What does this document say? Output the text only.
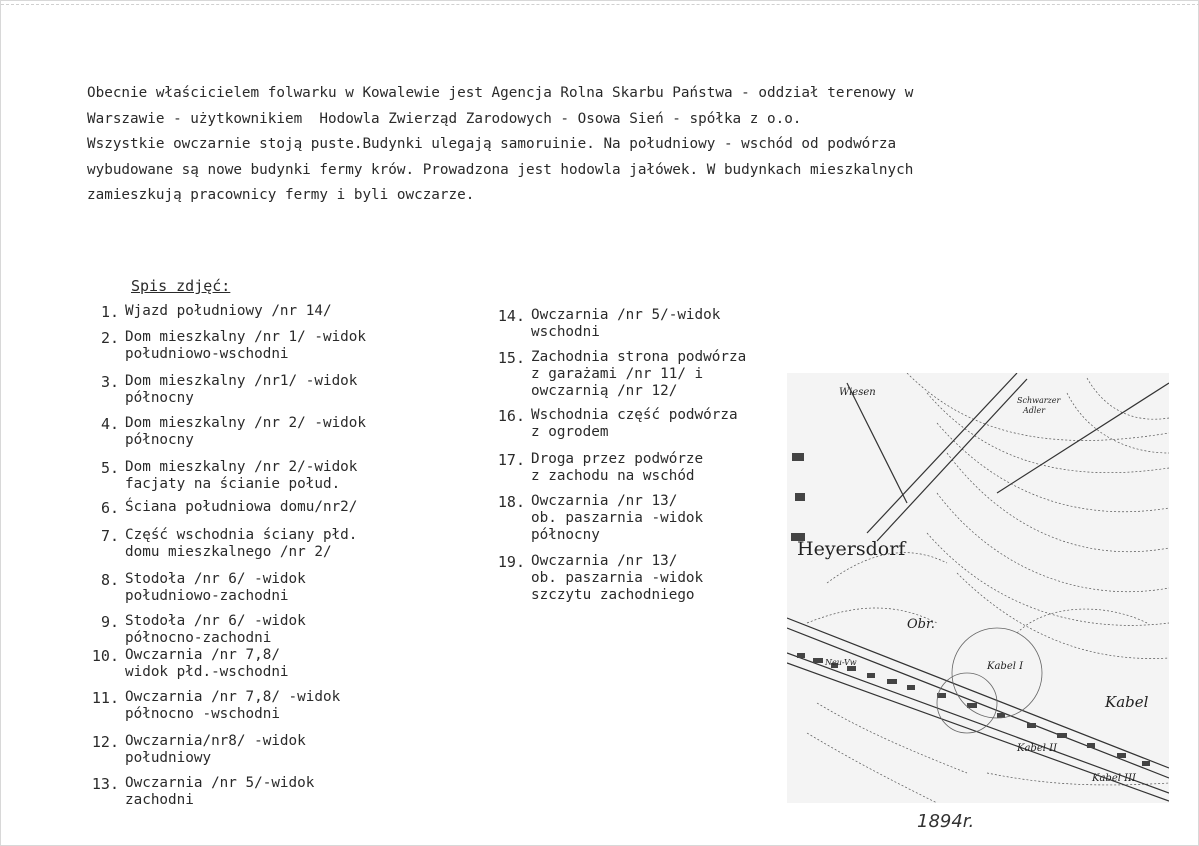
Obecnie właścicielem folwarku w Kowalewie jest Agencja Rolna Skarbu Państwa - oddział terenowy w
Warszawie - użytkownikiem  Hodowla Zwierząd Zarodowych - Osowa Sień - spółka z o.o.
Wszystkie owczarnie stoją puste.Budynki ulegają samoruinie. Na południowy - wschód od podwórza
wybudowane są nowe budynki fermy krów. Prowadzona jest hodowla jałówek. W budynkach mieszkalnych
zamieszkują pracownicy fermy i byli owczarze.
Spis zdjęć:
1. Wjazd południowy /nr 14/
2. Dom mieszkalny /nr 1/ -widok
południowo-wschodni
3. Dom mieszkalny /nr1/ -widok
północny
4. Dom mieszkalny /nr 2/ -widok
północny
5. Dom mieszkalny /nr 2/-widok
facjaty na ścianie połud.
6. Ściana południowa domu/nr2/
7. Część wschodnia ściany płd.
domu mieszkalnego /nr 2/
8. Stodoła /nr 6/ -widok
południowo-zachodni
9. Stodoła /nr 6/ -widok
północno-zachodni
10. Owczarnia /nr 7,8/
widok płd.-wschodni
11. Owczarnia /nr 7,8/ -widok
północno -wschodni
12. Owczarnia/nr8/ -widok
południowy
13. Owczarnia /nr 5/-widok
zachodni
14. Owczarnia /nr 5/-widok
wschodni
15. Zachodnia strona podwórza
z garażami /nr 11/ i
owczarnią /nr 12/
16. Wschodnia część podwórza
z ogrodem
17. Droga przez podwórze
z zachodu na wschód
18. Owczarnia /nr 13/
ob. paszarnia -widok
północny
19. Owczarnia /nr 13/
ob. paszarnia -widok
szczytu zachodniego
Heyersdorf
Obr.
Kabel
Kabel I
Kabel II
Kabel III
Wiesen
Schwarzer
Adler
Neu-Vw
1894r.
